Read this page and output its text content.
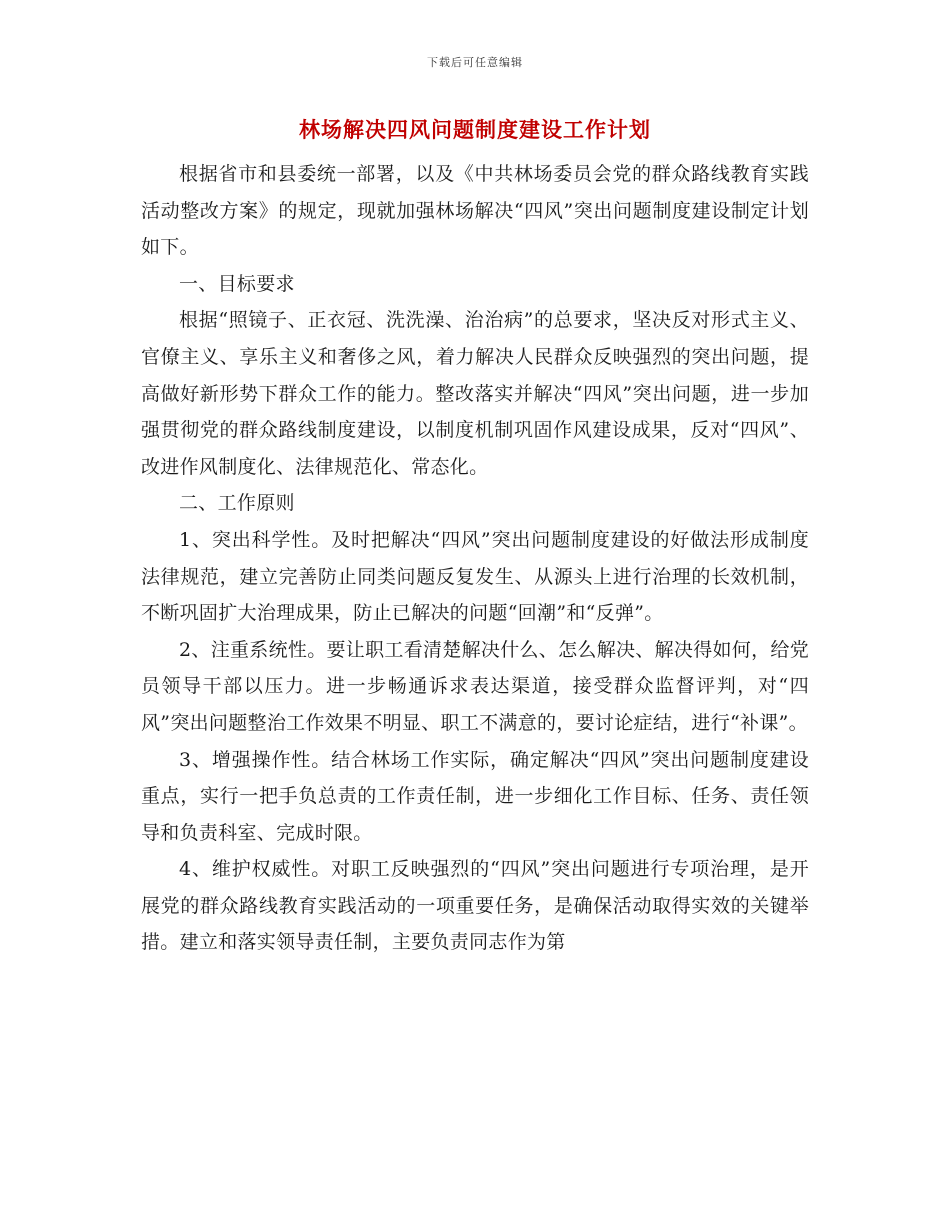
下载后可任意编辑
林场解决四风问题制度建设工作计划

根据省市和县委统一部署，以及《中共林场委员会党的群众路线教育实践活动整改方案》的规定，现就加强林场解决“四风”突出问题制度建设制定计划如下。

一、目标要求

根据“照镜子、正衣冠、洗洗澡、治治病”的总要求，坚决反对形式主义、官僚主义、享乐主义和奢侈之风，着力解决人民群众反映强烈的突出问题，提高做好新形势下群众工作的能力。整改落实并解决“四风”突出问题，进一步加强贯彻党的群众路线制度建设，以制度机制巩固作风建设成果，反对“四风”、改进作风制度化、法律规范化、常态化。

二、工作原则

1、突出科学性。及时把解决“四风”突出问题制度建设的好做法形成制度法律规范，建立完善防止同类问题反复发生、从源头上进行治理的长效机制，不断巩固扩大治理成果，防止已解决的问题“回潮”和“反弹”。

2、注重系统性。要让职工看清楚解决什么、怎么解决、解决得如何，给党员领导干部以压力。进一步畅通诉求表达渠道，接受群众监督评判，对“四风”突出问题整治工作效果不明显、职工不满意的，要讨论症结，进行“补课”。

3、增强操作性。结合林场工作实际，确定解决“四风”突出问题制度建设重点，实行一把手负总责的工作责任制，进一步细化工作目标、任务、责任领导和负责科室、完成时限。

4、维护权威性。对职工反映强烈的“四风”突出问题进行专项治理，是开展党的群众路线教育实践活动的一项重要任务，是确保活动取得实效的关键举措。建立和落实领导责任制，主要负责同志作为第
